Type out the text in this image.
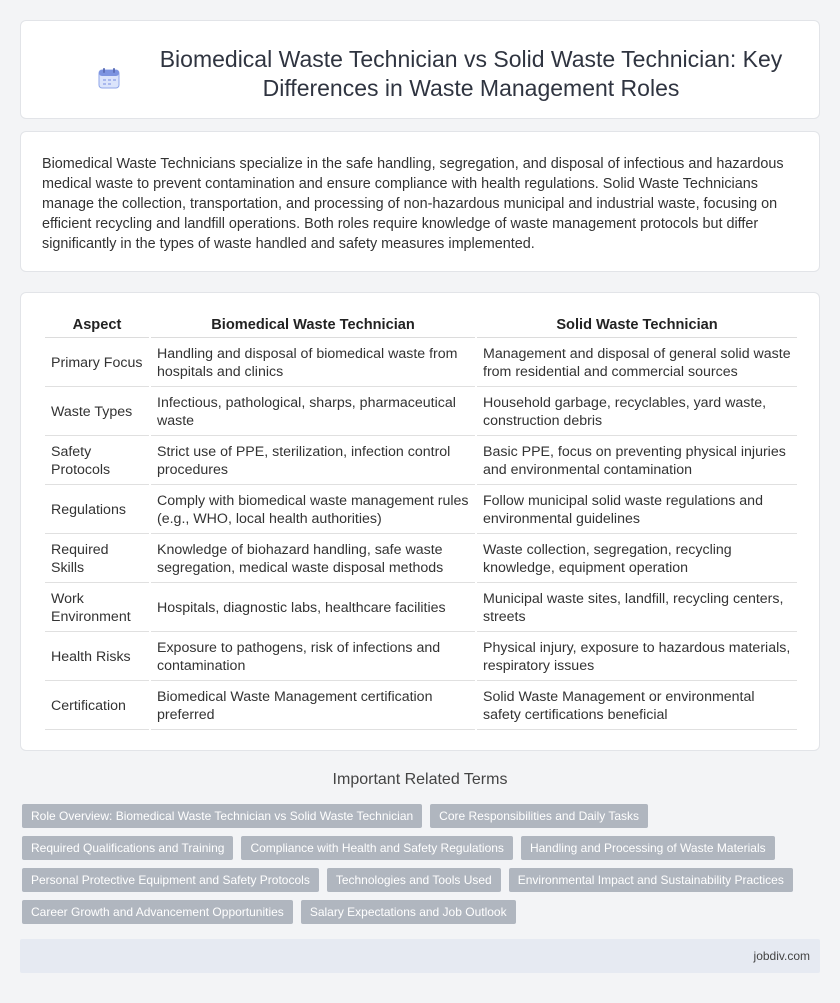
Biomedical Waste Technician vs Solid Waste Technician: Key Differences in Waste Management Roles

Biomedical Waste Technicians specialize in the safe handling, segregation, and disposal of infectious and hazardous medical waste to prevent contamination and ensure compliance with health regulations. Solid Waste Technicians manage the collection, transportation, and processing of non-hazardous municipal and industrial waste, focusing on efficient recycling and landfill operations. Both roles require knowledge of waste management protocols but differ significantly in the types of waste handled and safety measures implemented.

Aspect	Biomedical Waste Technician	Solid Waste Technician
Primary Focus	Handling and disposal of biomedical waste from hospitals and clinics	Management and disposal of general solid waste from residential and commercial sources
Waste Types	Infectious, pathological, sharps, pharmaceutical waste	Household garbage, recyclables, yard waste, construction debris
Safety Protocols	Strict use of PPE, sterilization, infection control procedures	Basic PPE, focus on preventing physical injuries and environmental contamination
Regulations	Comply with biomedical waste management rules (e.g., WHO, local health authorities)	Follow municipal solid waste regulations and environmental guidelines
Required Skills	Knowledge of biohazard handling, safe waste segregation, medical waste disposal methods	Waste collection, segregation, recycling knowledge, equipment operation
Work Environment	Hospitals, diagnostic labs, healthcare facilities	Municipal waste sites, landfill, recycling centers, streets
Health Risks	Exposure to pathogens, risk of infections and contamination	Physical injury, exposure to hazardous materials, respiratory issues
Certification	Biomedical Waste Management certification preferred	Solid Waste Management or environmental safety certifications beneficial
Important Related Terms
Role Overview: Biomedical Waste Technician vs Solid Waste Technician	Core Responsibilities and Daily Tasks
Required Qualifications and Training	Compliance with Health and Safety Regulations	Handling and Processing of Waste Materials
Personal Protective Equipment and Safety Protocols	Technologies and Tools Used	Environmental Impact and Sustainability Practices
Career Growth and Advancement Opportunities	Salary Expectations and Job Outlook
jobdiv.com
